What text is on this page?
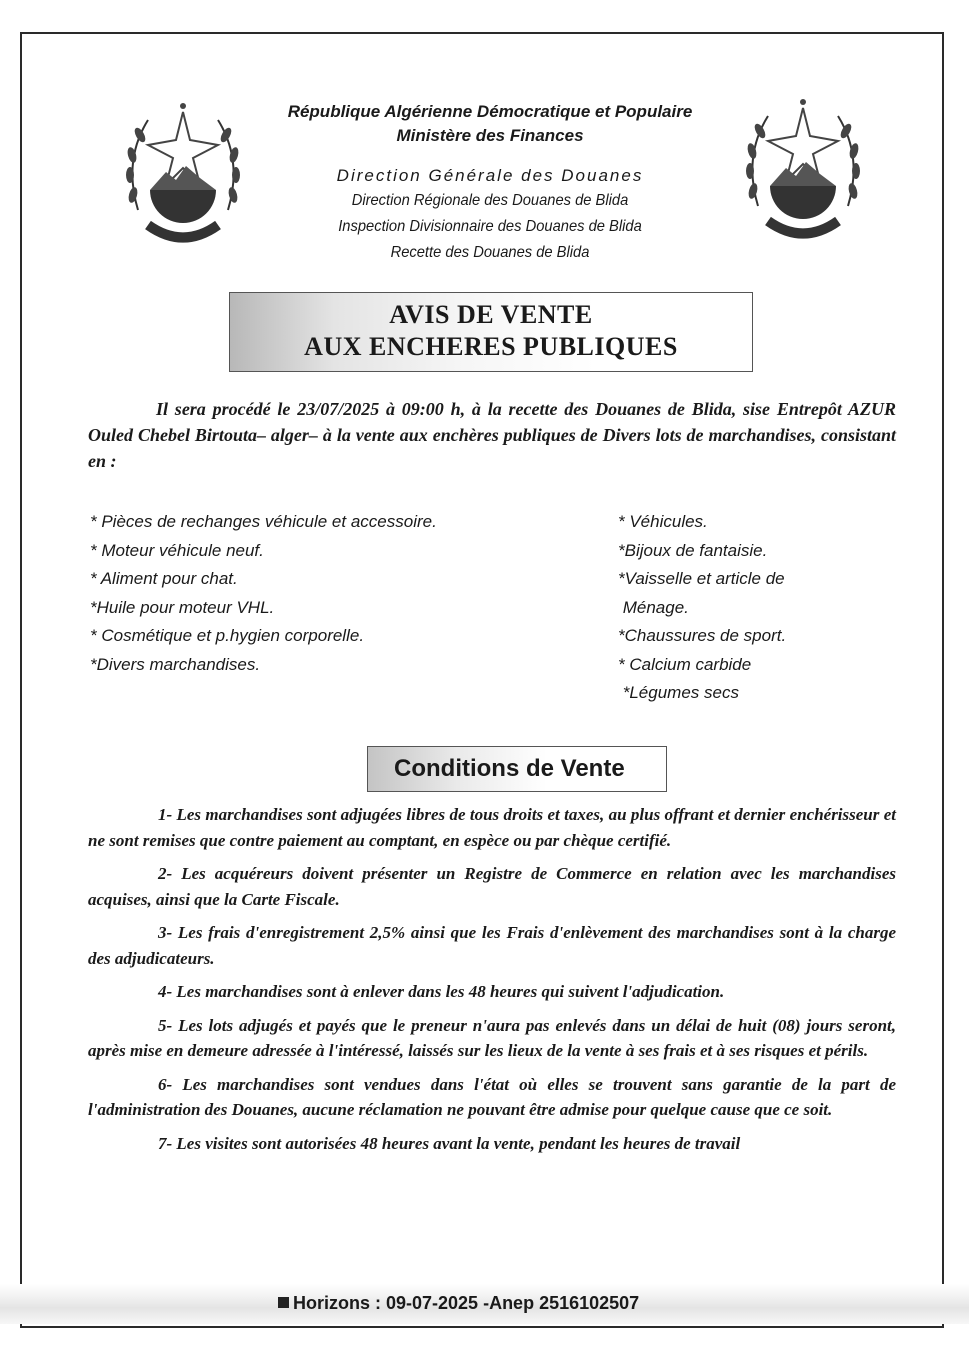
République Algérienne Démocratique et Populaire
Ministère des Finances
Direction Générale des Douanes
Direction Régionale des Douanes de Blida
Inspection Divisionnaire des Douanes de Blida
Recette des Douanes de Blida
AVIS DE VENTE
AUX ENCHERES PUBLIQUES
Il sera procédé le 23/07/2025 à 09:00 h, à la recette des Douanes de Blida, sise Entrepôt AZUR Ouled Chebel Birtouta– alger– à la vente aux enchères publiques de Divers lots de marchandises, consistant en :
* Pièces de rechanges véhicule et accessoire.
* Moteur véhicule neuf.
* Aliment pour chat.
*Huile pour moteur VHL.
* Cosmétique et p.hygien corporelle.
*Divers marchandises.
* Véhicules.
*Bijoux de fantaisie.
*Vaisselle et article de
Ménage.
*Chaussures de sport.
* Calcium carbide
*Légumes secs
Conditions de Vente

1- Les marchandises sont adjugées libres de tous droits et taxes, au plus offrant et dernier enchérisseur et ne sont remises que contre paiement au comptant, en espèce ou par chèque certifié.

2- Les acquéreurs doivent présenter un Registre de Commerce en relation avec les marchandises acquises, ainsi que la Carte Fiscale.

3- Les frais d'enregistrement 2,5% ainsi que les Frais d'enlèvement des marchandises sont à la charge des adjudicateurs.

4- Les marchandises sont à enlever dans les 48 heures qui suivent l'adjudication.

5- Les lots adjugés et payés que le preneur n'aura pas enlevés dans un délai de huit (08) jours seront, après mise en demeure adressée à l'intéressé, laissés sur les lieux de la vente à ses frais et à ses risques et périls.

6- Les marchandises sont vendues dans l'état où elles se trouvent sans garantie de la part de l'administration des Douanes, aucune réclamation ne pouvant être admise pour quelque cause que ce soit.

7- Les visites sont autorisées 48 heures avant la vente, pendant les heures de travail

Horizons : 09-07-2025 -Anep 2516102507
